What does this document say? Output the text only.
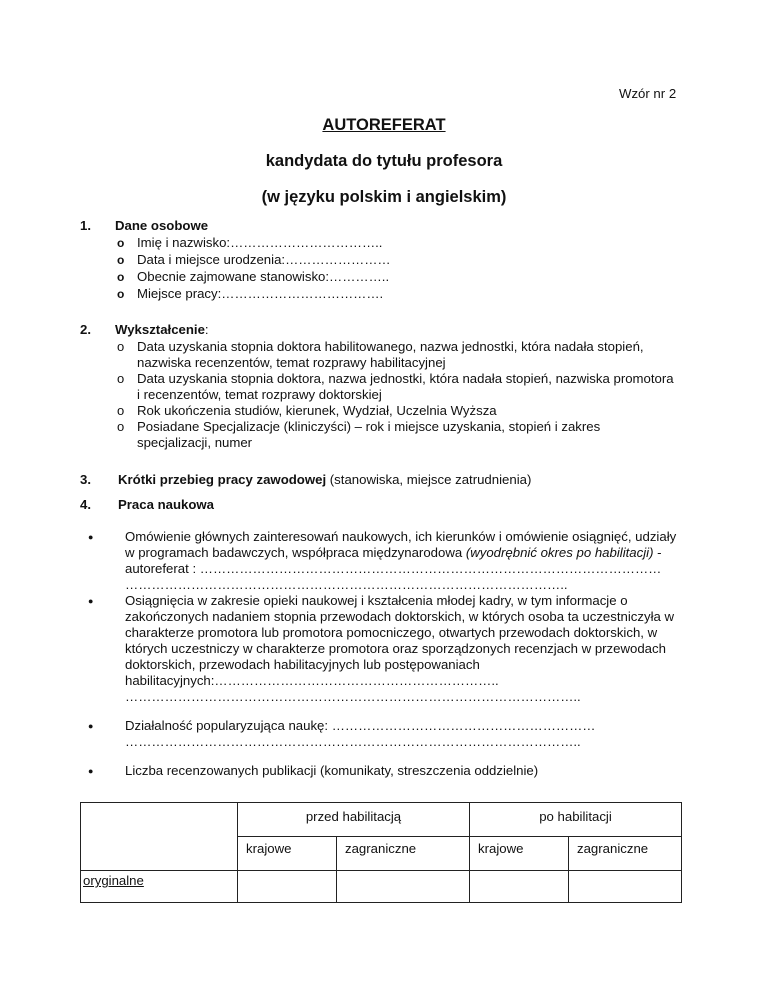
Wzór nr 2
AUTOREFERAT
kandydata do tytułu profesora
(w języku polskim i angielskim)
1. Dane osobowe
o Imię i nazwisko:……………………………..
o Data i miejsce urodzenia:……………………
o Obecnie zajmowane stanowisko:…………..
o Miejsce pracy:……………………………….
2. Wykształcenie:
o Data uzyskania stopnia doktora habilitowanego, nazwa jednostki, która nadała stopień, nazwiska recenzentów, temat rozprawy habilitacyjnej
o Data uzyskania stopnia doktora, nazwa jednostki, która nadała stopień, nazwiska promotora i recenzentów, temat rozprawy doktorskiej
o Rok ukończenia studiów, kierunek, Wydział, Uczelnia Wyższa
o Posiadane Specjalizacje (kliniczyści) – rok i miejsce uzyskania, stopień i zakres specjalizacji, numer
3. Krótki przebieg pracy zawodowej (stanowiska, miejsce zatrudnienia)
4. Praca naukowa
● Omówienie głównych zainteresowań naukowych, ich kierunków i omówienie osiągnięć, udziały
w programach badawczych, współpraca międzynarodowa (wyodrębnić okres po habilitacji) -
autoreferat : ……………………………………………………………………………………………
………………………………………………………………………………………..
● Osiągnięcia w zakresie opieki naukowej i kształcenia młodej kadry, w tym informacje o
zakończonych nadaniem stopnia przewodach doktorskich, w których osoba ta uczestniczyła w
charakterze promotora lub promotora pomocniczego, otwartych przewodach doktorskich, w
których uczestniczy w charakterze promotora oraz sporządzonych recenzjach w przewodach
doktorskich, przewodach habilitacyjnych lub postępowaniach
habilitacyjnych:………………………………………………………..
…………………………………………………………………………………………..
● Działalność popularyzująca naukę: ……………………………………………………
…………………………………………………………………………………………..
● Liczba recenzowanych publikacji (komunikaty, streszczenia oddzielnie)
	przed habilitacją		po habilitacji	
	krajowe	zagraniczne	krajowe	zagraniczne
oryginalne				
